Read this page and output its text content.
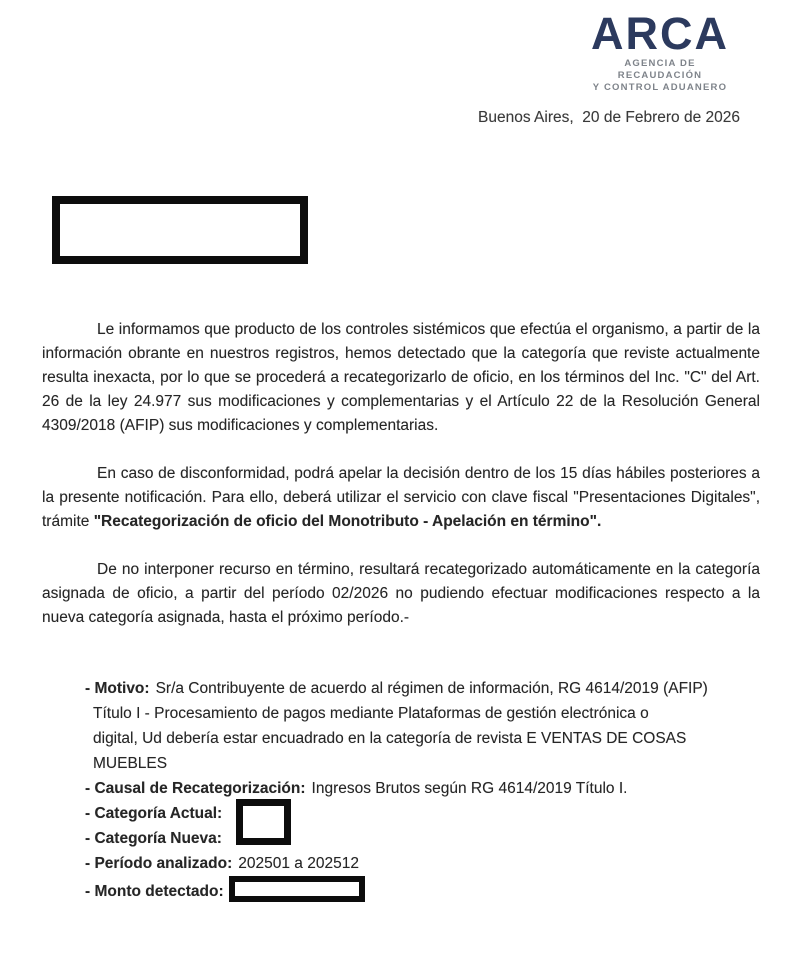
ARCA
AGENCIA DE RECAUDACIÓN
Y CONTROL ADUANERO
Buenos Aires,  20 de Febrero de 2026

Le informamos que producto de los controles sistémicos que efectúa el organismo, a partir de la información obrante en nuestros registros, hemos detectado que la categoría que reviste actualmente resulta inexacta, por lo que se procederá a recategorizarlo de oficio, en los términos del Inc. "C" del Art. 26 de la ley 24.977 sus modificaciones y complementarias y el Artículo 22 de la Resolución General 4309/2018 (AFIP) sus modificaciones y complementarias.

En caso de disconformidad, podrá apelar la decisión dentro de los 15 días hábiles posteriores a la presente notificación. Para ello, deberá utilizar el servicio con clave fiscal "Presentaciones Digitales", trámite "Recategorización de oficio del Monotributo - Apelación en término".

De no interponer recurso en término, resultará recategorizado automáticamente en la categoría asignada de oficio, a partir del período 02/2026 no pudiendo efectuar modificaciones respecto a la nueva categoría asignada, hasta el próximo período.-

- Motivo: Sr/a Contribuyente de acuerdo al régimen de información, RG 4614/2019 (AFIP)
Título I - Procesamiento de pagos mediante Plataformas de gestión electrónica o
digital, Ud debería estar encuadrado en la categoría de revista E VENTAS DE COSAS
MUEBLES
- Causal de Recategorización: Ingresos Brutos según RG 4614/2019 Título I.
- Categoría Actual:
- Categoría Nueva:
- Período analizado: 202501 a 202512
- Monto detectado:
